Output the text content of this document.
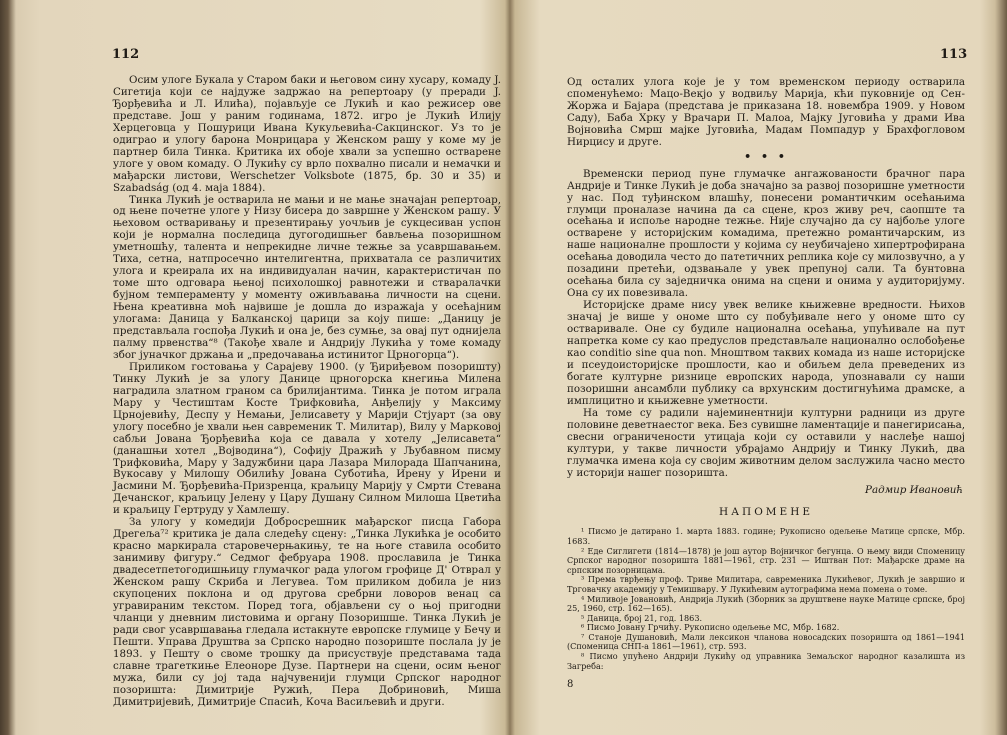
112

Осим улоге Букала у Старом баки и његовом сину хусару, комаду J. Сигетија који се најдуже задржао на репертоару (у преради J. Ђорђевића и Л. Илића), појављује се Лукић и као режисер ове представе. Још у раним годинама, 1872. игро је Лукић Илију Херцеговца у Пошурици Ивана Кукуљевића-Сакцинског. Уз то је одиграо и улогу барона Монрицара у Женском рашу у коме му је партнер била Тинка. Критика их обоје хвали за успешно остварене улоге у овом комаду. О Лукићу су врло похвално писали и немачки и мађарски листови, Werschetzer Volksbote (1875, бр. 30 и 35) и Szabadság (од 4. маја 1884).

Тинка Лукић је остварила не мањи и не мање значајан репертоар, од њене почетне улоге у Низу бисера до завршне у Женском рашу. У њеховом остваривању и презентирању уочљив је сукцесиван успон који је нормална последица дугогодишњег бављења позоришном уметношћу, талента и непрекидне личне тежње за усавршавањем. Тиха, сетна, натпросечно интелигентна, прихватала се различитих улога и креирала их на индивидуалан начин, карактеристичан по томе што одговара њеној психолошкој равнотежи и стваралачки бујном темпераменту у моменту оживљавања личности на сцени. Њена креативна моћ највише је дошла до изражаја у осећајним улогама: Даница у Балканској царици за коју пише: „Даницу је представљала госпођа Лукић и она је, без сумње, за овај пут однијела палму првенства“⁸ (Такође хвале и Андрију Лукића у томе комаду због јуначког држања и „предочавања истинитог Црногорца“).

Приликом гостовања у Сарајеву 1900. (у Ђириђевом позоришту) Тинку Лукић је за улогу Данице црногорска кнегиња Милена наградила златном граном са брилијантима. Тинка је потом играла Мару у Честиштам Косте Трифковића, Анђелију у Максиму Црнојевићу, Деспу у Немањи, Јелисавету у Марији Стјуарт (за ову улогу посебно је хвали њен савременик Т. Милитар), Вилу у Марковој сабљи Јована Ђорђевића која се давала у хотелу „Јелисавета“ (данашњи хотел „Војводина“), Софију Дражић у Љубавном писму Трифковића, Мару у Задужбини цара Лазара Милорада Шапчанина, Вукосаву у Милошу Обилићу Јована Суботића, Ирену у Ирени и Јасмини М. Ђорђевића-Призренца, краљицу Марију у Смрти Стевана Дечанског, краљицу Јелену у Цару Душану Силном Милоша Цветића и краљицу Гертруду у Хамлешу.

За улогу у комедији Добросрешник мађарског писца Габора Дрегеља⁷² критика је дала следећу сцену: „Тинка Лукићка је особито красно маркирала старовечерњакињу, те на њоге ставила особито занимиву фигуру.“ Седмог фебруара 1908. прославила је Тинка двадесетпетогодишњицу глумачког рада улогом грофице Д' Отврал у Женском рашу Скриба и Легувеа. Том приликом добила је низ скупоцених поклона и од другова сребрни ловоров венац са угравираним текстом. Поред тога, објављени су о њој пригодни чланци у дневним листовима и органу Позоришше. Тинка Лукић је ради свог усавршавања гледала истакнуте европске глумице у Бечу и Пешти. Управа Друштва за Српско народно позориште послала ју је 1893. у Пешту о своме трошку да присуствује представама тада славне трагеткиње Елеоноре Дузе. Партнери на сцени, осим њеног мужа, били су јој тада најчувенији глумци Српског народног позоришта: Димитрије Ружић, Пера Добриновић, Миша Димитријевић, Димитрије Спасић, Коча Васиљевић и други.

113

Од осталих улога које је у том временском периоду остварила споменућемо: Мацо-Векјо у водвиљу Марија, кћи пуковније од Сен-Жоржа и Бајара (представа је приказана 18. новембра 1909. у Новом Саду), Баба Хрку у Врачари П. Малоа, Мајку Југовића у драми Ива Војновића Смрш мајке Југовића, Мадам Помпадур у Брахфогловом Нирцису и друге.

• • •

Временски период пуне глумачке ангажованости брачног пара Андрије и Тинке Лукић је доба значајно за развој позоришне уметности у нас. Под туђинском влашћу, понесени романтичким осећањима глумци проналазе начина да са сцене, кроз живу реч, саопште та осећања и испоље народне тежње. Није случајно да су најбоље улоге остварене у историјским комадима, претежно романтичарским, из наше националне прошлости у којима су неубичајено хипертрофирана осећања доводила често до патетичних реплика које су милозвучно, а у позадини претећи, одзвањале у увек препуној сали. Та бунтовна осећања била су заједничка онима на сцени и онима у аудиторијуму. Она су их повезивала.

Историјске драме нису увек велике књижевне вредности. Њихов значај је више у ономе што су побуђивале него у ономе што су остваривале. Оне су будиле национална осећања, упућивале на пут напретка коме су као предуслов представљале национално ослобођење као conditio sine qua non. Мноштвом таквих комада из наше историјске и псеудоисторијске прошлости, као и обиљем дела преведених из богате културне ризнице европских народа, упознавали су наши позоришни ансамбли публику са врхунским достигнућима драмске, а имплицитно и књижевне уметности.

На томе су радили најеминентнији културни радници из друге половине деветнаестог века. Без сувишне ламентације и панегирисања, свесни ограничености утицаја који су оставили у наслеђе нашој култури, у такве личности убрајамо Андрију и Тинку Лукић, два глумачка имена која су својим животним делом заслужила часно место у историји нашег позоришта.

Радмир Ивановић
НАПОМЕНЕ
¹ Писмо је датирано 1. марта 1883. године; Рукописно одељење Матице српске, Мбр. 1683.
² Еде Сиглигети (1814—1878) је још аутор Војничког бегунца. О њему види Споменицу Српског народног позоришта 1881—1961, стр. 231 — Иштван Пот: Мађарске драме на српским позорницама.
³ Према тврђењу проф. Триве Милитара, савременика Лукићевог, Лукић је завршио и Трговачку академију у Темишвару. У Лукићевим аутографима нема помена о томе.
⁴ Миливоје Јовановић, Андрија Лукић (Зборник за друштвене науке Матице српске, број 25, 1960, стр. 162—165).
⁵ Даница, број 21, год. 1863.
⁶ Писмо Јовану Грчићу. Рукописно одељење МС, Мбр. 1682.
⁷ Станоје Душановић, Мали лексикон чланова новосадских позоришта од 1861—1941 (Споменица СНП-а 1861—1961), стр. 593.
⁸ Писмо упућено Андрији Лукићу од управника Земаљског народног казалишта из Загреба:
8
